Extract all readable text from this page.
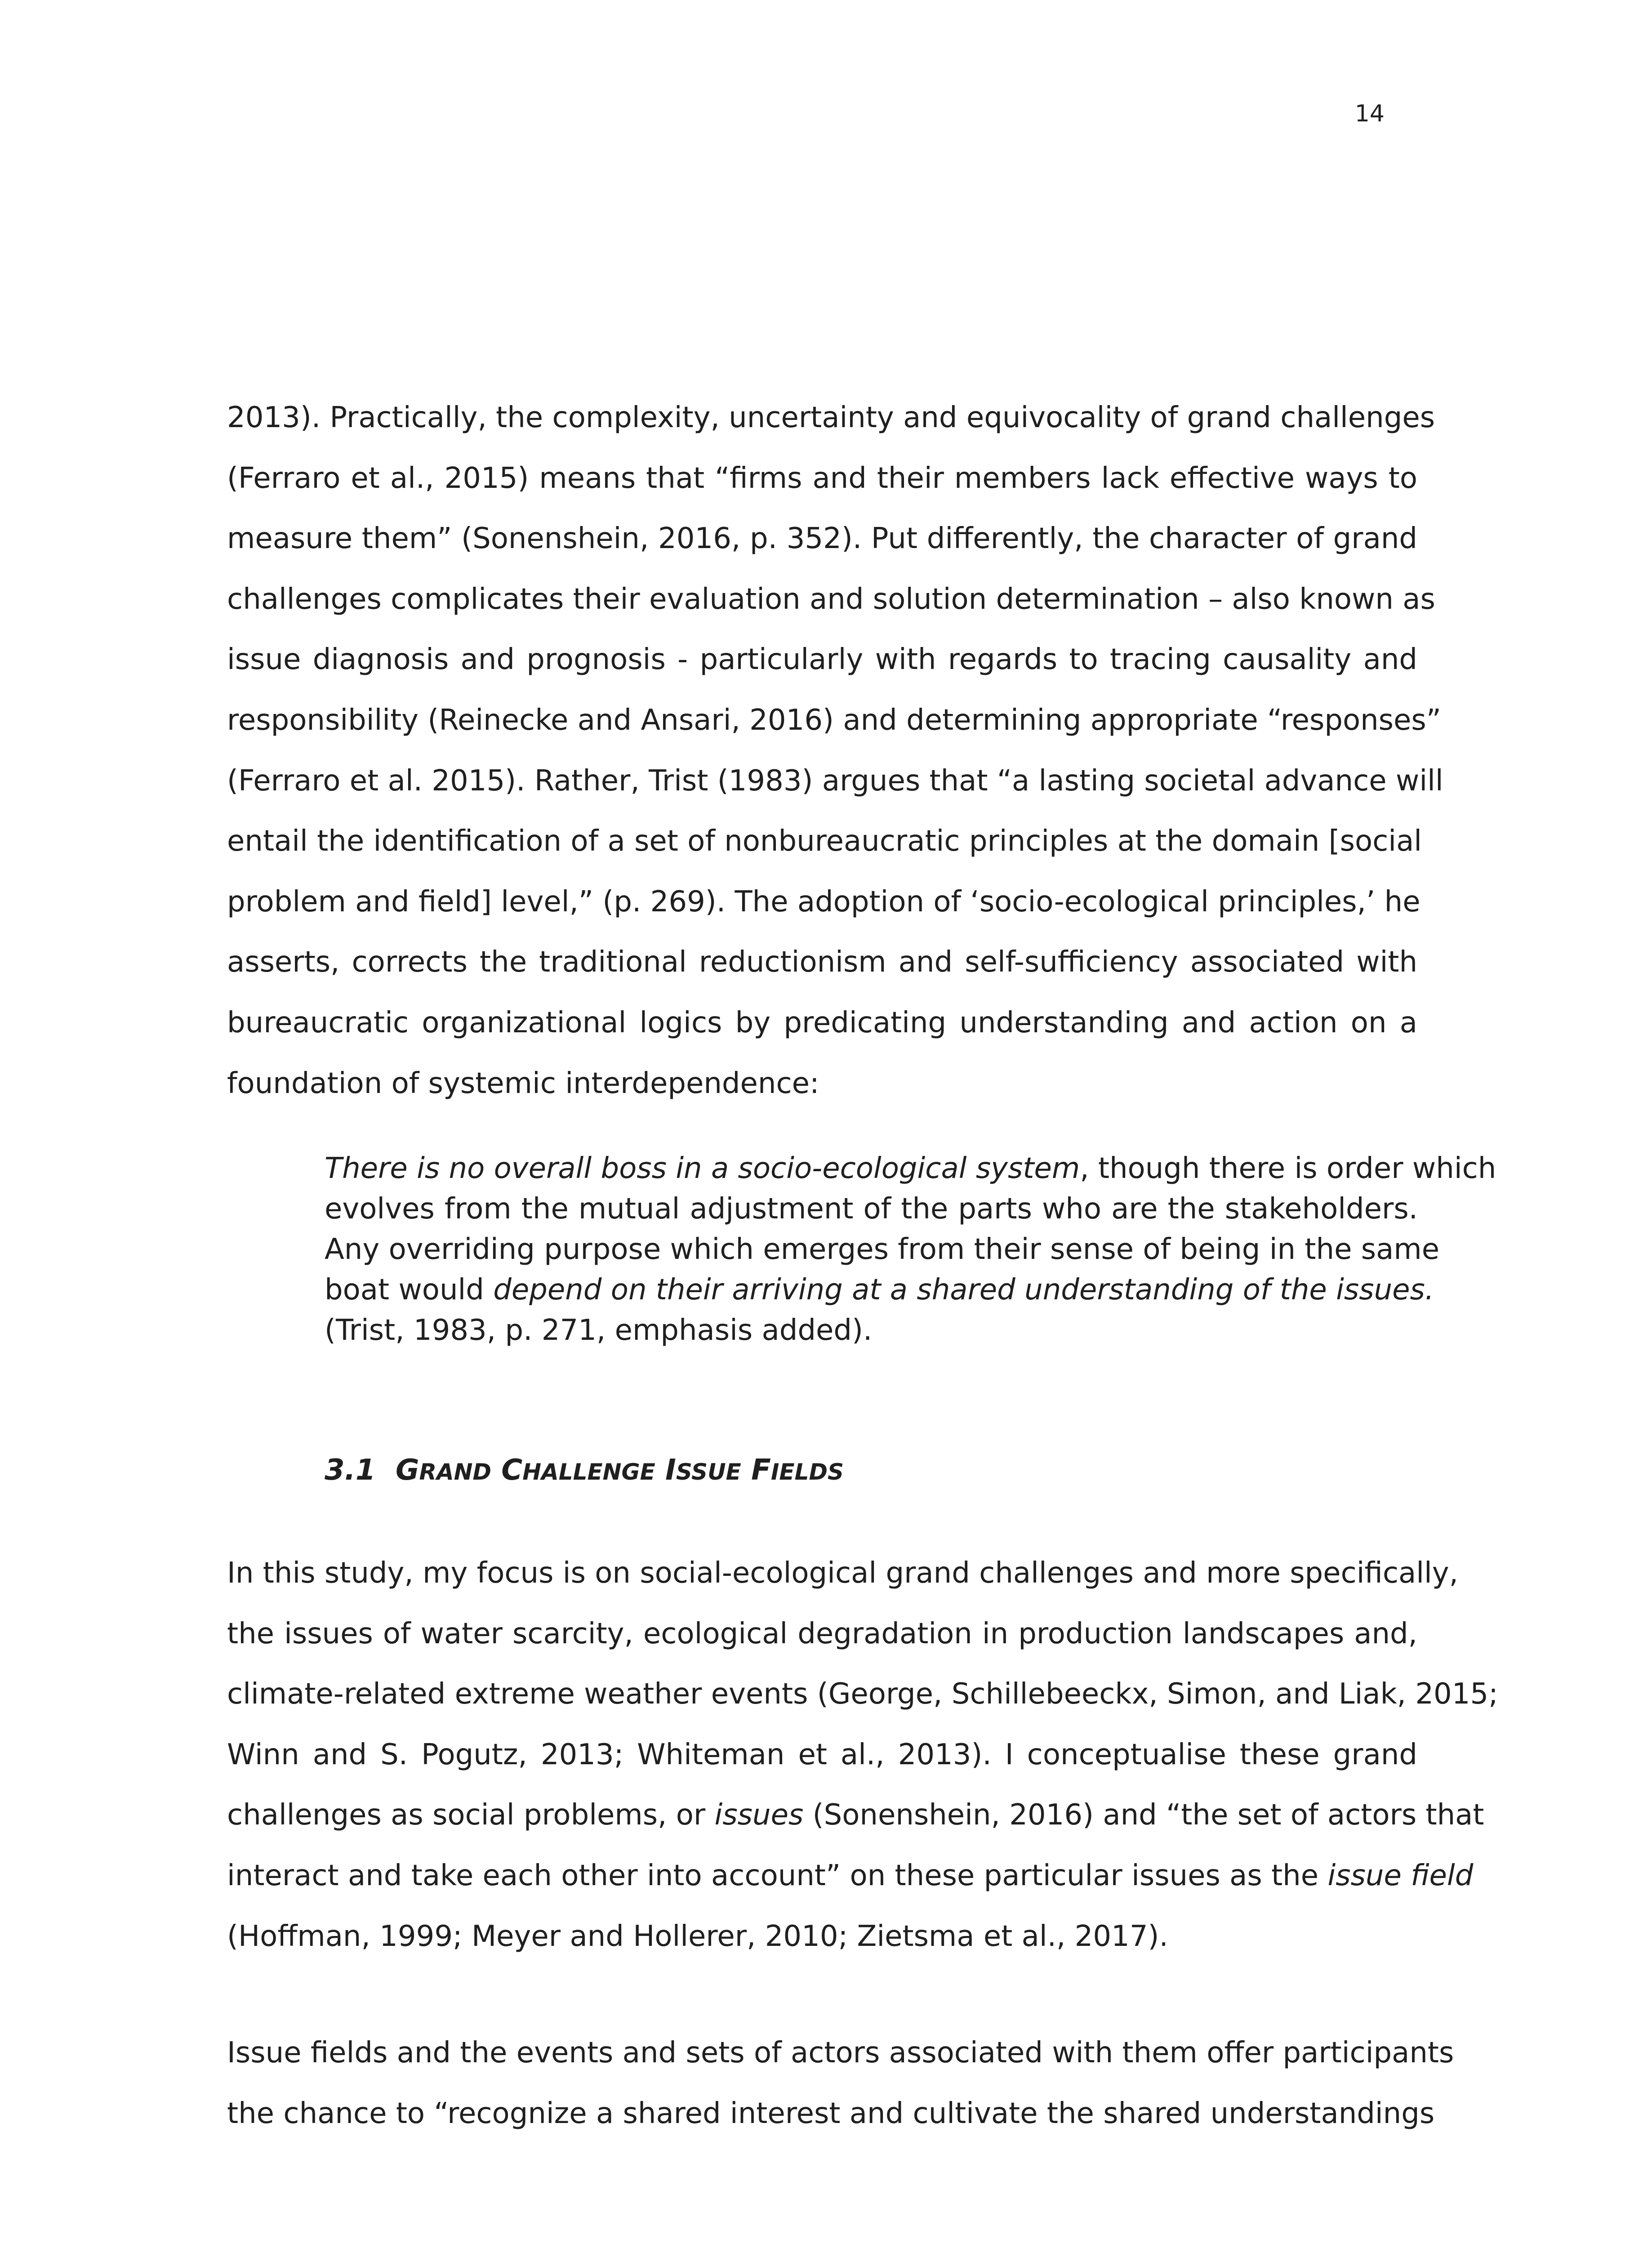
14

2013). Practically, the complexity, uncertainty and equivocality of grand challenges
(Ferraro et al., 2015) means that “firms and their members lack effective ways to
measure them” (Sonenshein, 2016, p. 352). Put differently, the character of grand
challenges complicates their evaluation and solution determination – also known as
issue diagnosis and prognosis - particularly with regards to tracing causality and
responsibility (Reinecke and Ansari, 2016) and determining appropriate “responses”
(Ferraro et al. 2015). Rather, Trist (1983) argues that “a lasting societal advance will
entail the identification of a set of nonbureaucratic principles at the domain [social
problem and field] level,” (p. 269). The adoption of ‘socio-ecological principles,’ he
asserts, corrects the traditional reductionism and self-sufficiency associated with
bureaucratic organizational logics by predicating understanding and action on a
foundation of systemic interdependence:

There is no overall boss in a socio-ecological system, though there is order which
evolves from the mutual adjustment of the parts who are the stakeholders.
Any overriding purpose which emerges from their sense of being in the same
boat would depend on their arriving at a shared understanding of the issues.
(Trist, 1983, p. 271, emphasis added).
3.1 GRAND CHALLENGE ISSUE FIELDS

In this study, my focus is on social-ecological grand challenges and more specifically,
the issues of water scarcity, ecological degradation in production landscapes and,
climate-related extreme weather events (George, Schillebeeckx, Simon, and Liak, 2015;
Winn and S. Pogutz, 2013; Whiteman et al., 2013). I conceptualise these grand
challenges as social problems, or issues (Sonenshein, 2016) and “the set of actors that
interact and take each other into account” on these particular issues as the issue field
(Hoffman, 1999; Meyer and Hollerer, 2010; Zietsma et al., 2017).

Issue fields and the events and sets of actors associated with them offer participants
the chance to “recognize a shared interest and cultivate the shared understandings
